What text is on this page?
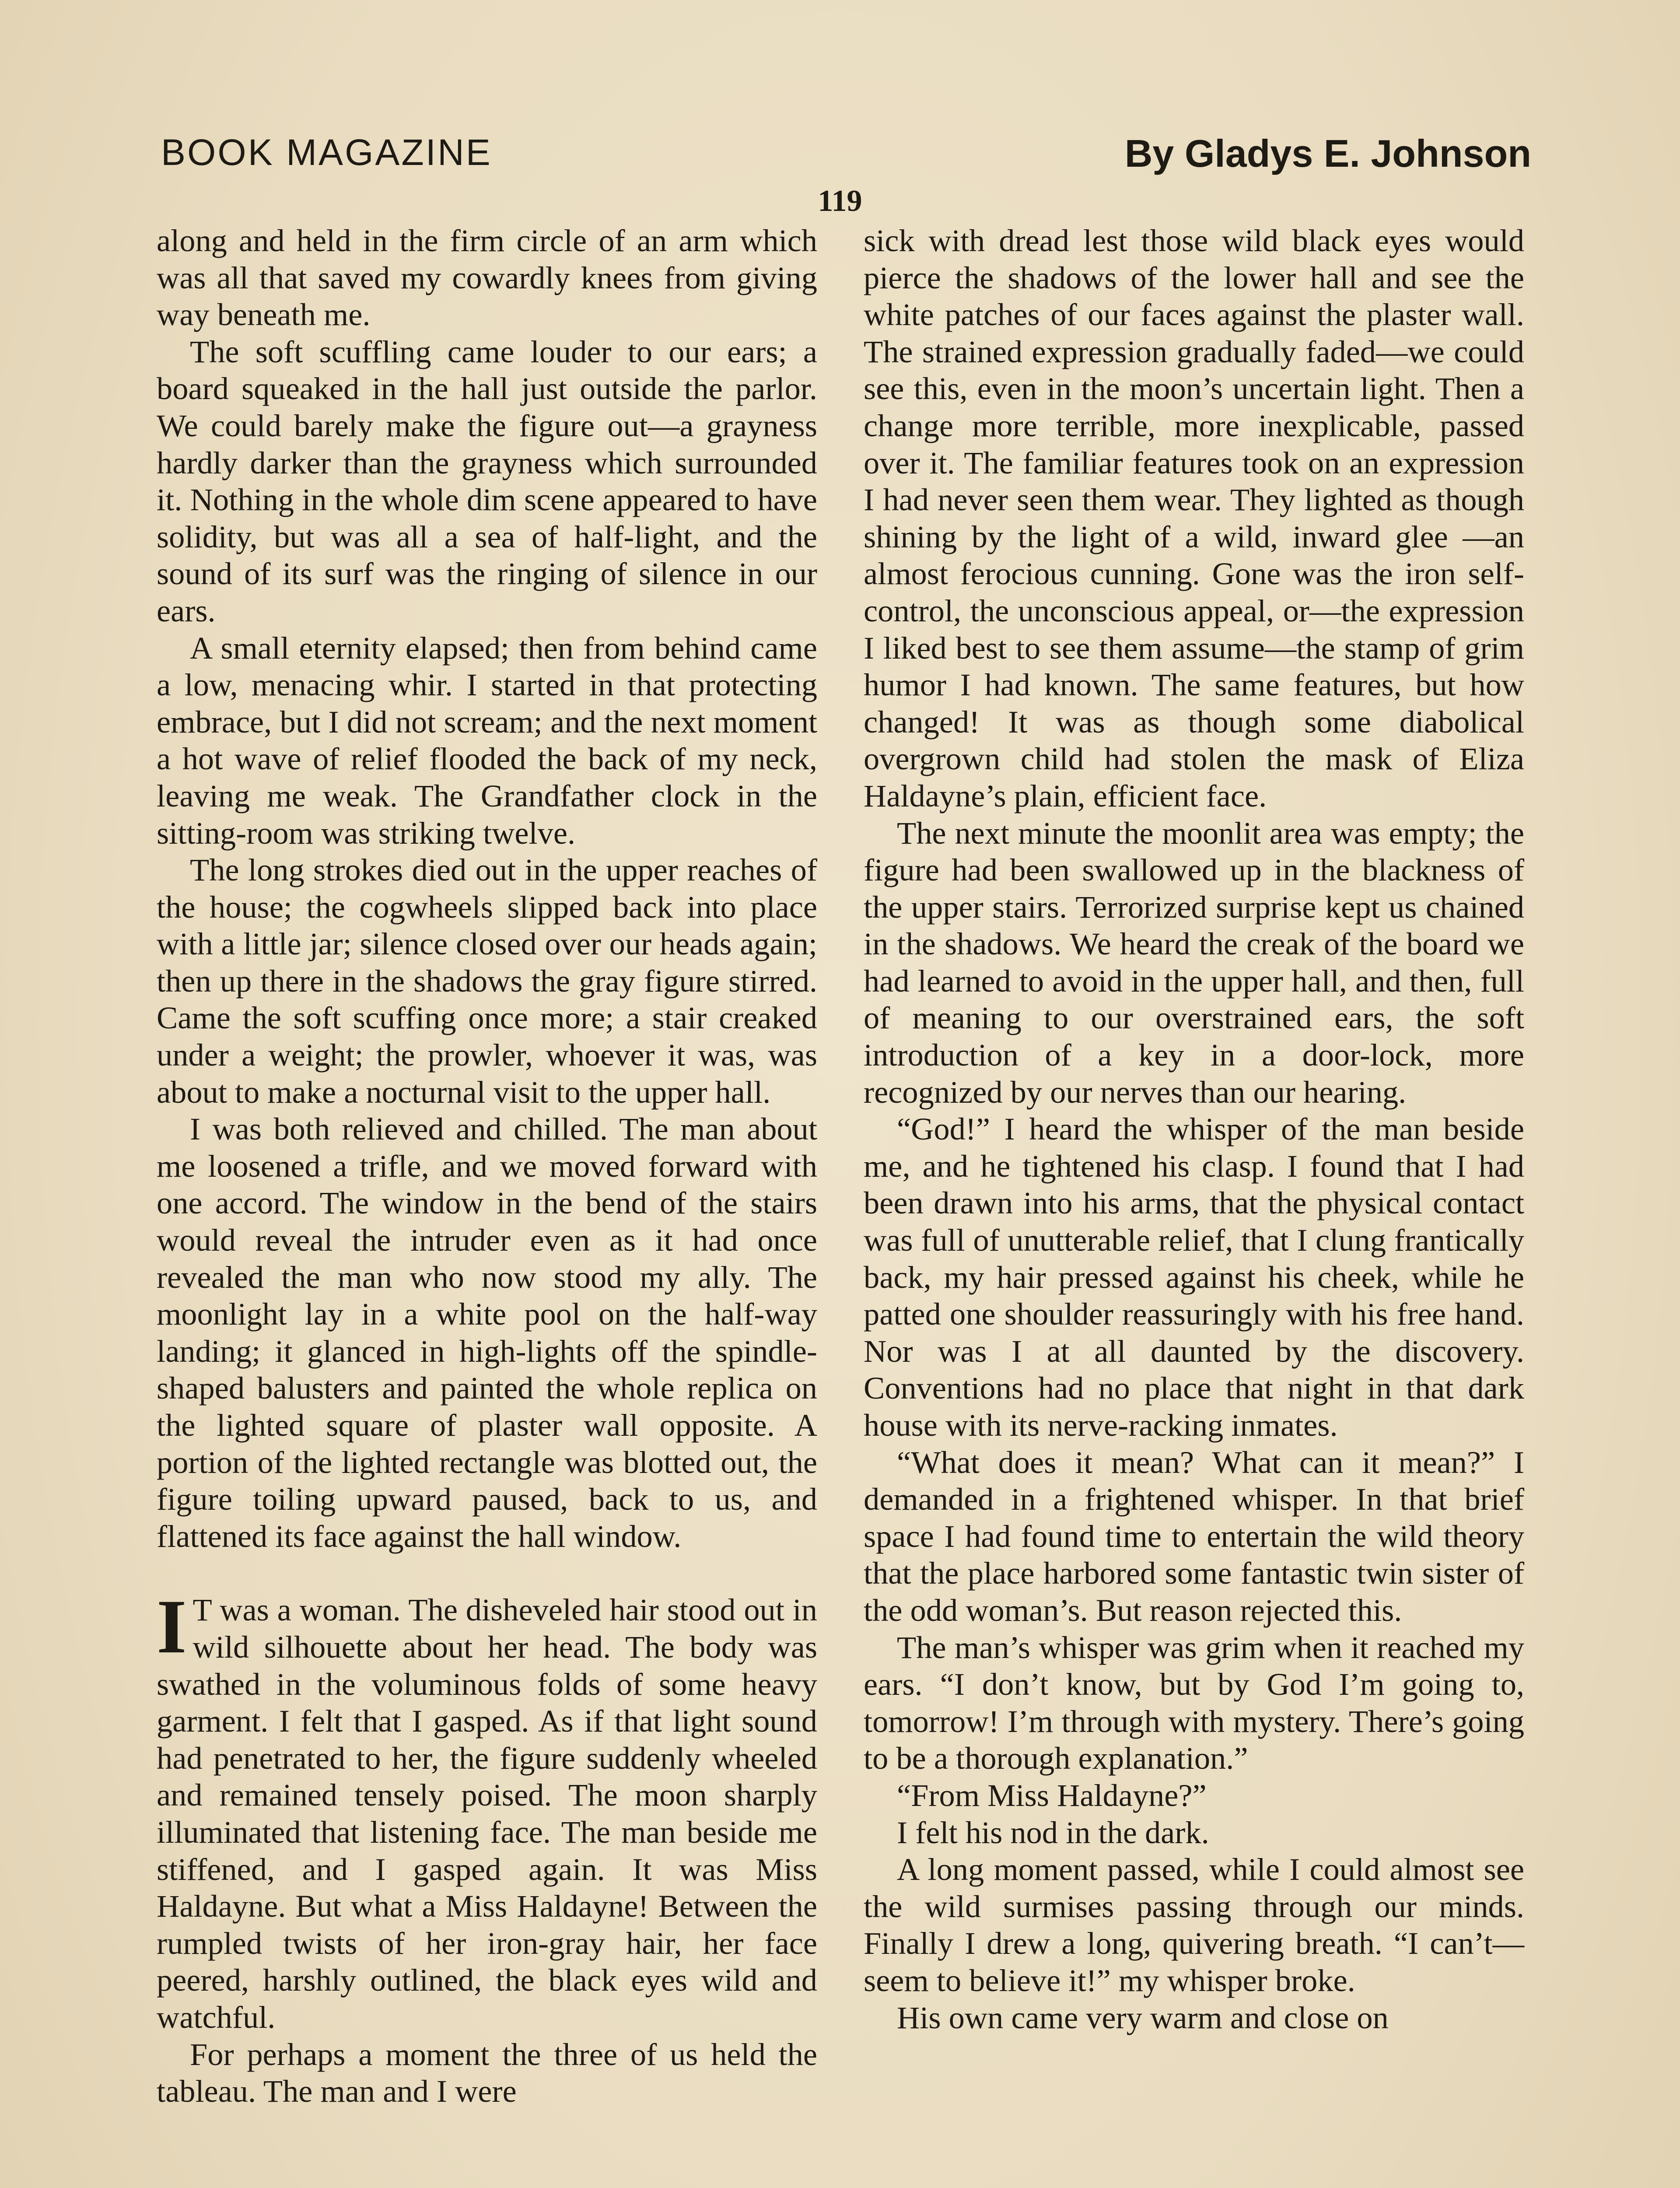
BOOK MAGAZINE	By Gladys E. Johnson
119

along and held in the firm circle of an arm which was all that saved my cowardly knees from giving way beneath me.

The soft scuffling came louder to our ears; a board squeaked in the hall just outside the parlor. We could barely make the figure out—a grayness hardly darker than the grayness which surrounded it. Nothing in the whole dim scene appeared to have solidity, but was all a sea of half-light, and the sound of its surf was the ringing of silence in our ears.

A small eternity elapsed; then from behind came a low, menacing whir. I started in that protecting embrace, but I did not scream; and the next moment a hot wave of relief flooded the back of my neck, leaving me weak. The Grandfather clock in the sitting-room was striking twelve.

The long strokes died out in the upper reaches of the house; the cogwheels slipped back into place with a little jar; silence closed over our heads again; then up there in the shadows the gray figure stirred. Came the soft scuffing once more; a stair creaked under a weight; the prowler, whoever it was, was about to make a nocturnal visit to the upper hall.

I was both relieved and chilled. The man about me loosened a trifle, and we moved forward with one accord. The window in the bend of the stairs would reveal the intruder even as it had once revealed the man who now stood my ally. The moonlight lay in a white pool on the half-way landing; it glanced in high-lights off the spindle-shaped balusters and painted the whole replica on the lighted square of plaster wall opposite. A portion of the lighted rectangle was blotted out, the figure toiling upward paused, back to us, and flattened its face against the hall window.

I T was a woman. The disheveled hair stood out in wild silhouette about her head. The body was swathed in the voluminous folds of some heavy garment. I felt that I gasped. As if that light sound had penetrated to her, the figure suddenly wheeled and remained tensely poised. The moon sharply illuminated that listening face. The man beside me stiffened, and I gasped again. It was Miss Haldayne. But what a Miss Haldayne! Between the rumpled twists of her iron-gray hair, her face peered, harshly outlined, the black eyes wild and watchful.

For perhaps a moment the three of us held the tableau. The man and I were

sick with dread lest those wild black eyes would pierce the shadows of the lower hall and see the white patches of our faces against the plaster wall. The strained expression gradually faded—we could see this, even in the moon’s uncertain light. Then a change more terrible, more inexplicable, passed over it. The familiar features took on an expression I had never seen them wear. They lighted as though shining by the light of a wild, inward glee —an almost ferocious cunning. Gone was the iron self-control, the unconscious appeal, or—the expression I liked best to see them assume—the stamp of grim humor I had known. The same features, but how changed! It was as though some diabolical overgrown child had stolen the mask of Eliza Haldayne’s plain, efficient face.

The next minute the moonlit area was empty; the figure had been swallowed up in the blackness of the upper stairs. Terrorized surprise kept us chained in the shadows. We heard the creak of the board we had learned to avoid in the upper hall, and then, full of meaning to our overstrained ears, the soft introduction of a key in a door-lock, more recognized by our nerves than our hearing.

“God!” I heard the whisper of the man beside me, and he tightened his clasp. I found that I had been drawn into his arms, that the physical contact was full of unutterable relief, that I clung frantically back, my hair pressed against his cheek, while he patted one shoulder reassuringly with his free hand. Nor was I at all daunted by the discovery. Conventions had no place that night in that dark house with its nerve-racking inmates.

“What does it mean? What can it mean?” I demanded in a frightened whisper. In that brief space I had found time to entertain the wild theory that the place harbored some fantastic twin sister of the odd woman’s. But reason rejected this.

The man’s whisper was grim when it reached my ears. “I don’t know, but by God I’m going to, tomorrow! I’m through with mystery. There’s going to be a thorough explanation.”

“From Miss Haldayne?”

I felt his nod in the dark.

A long moment passed, while I could almost see the wild surmises passing through our minds. Finally I drew a long, quivering breath. “I can’t—seem to believe it!” my whisper broke.

His own came very warm and close on
